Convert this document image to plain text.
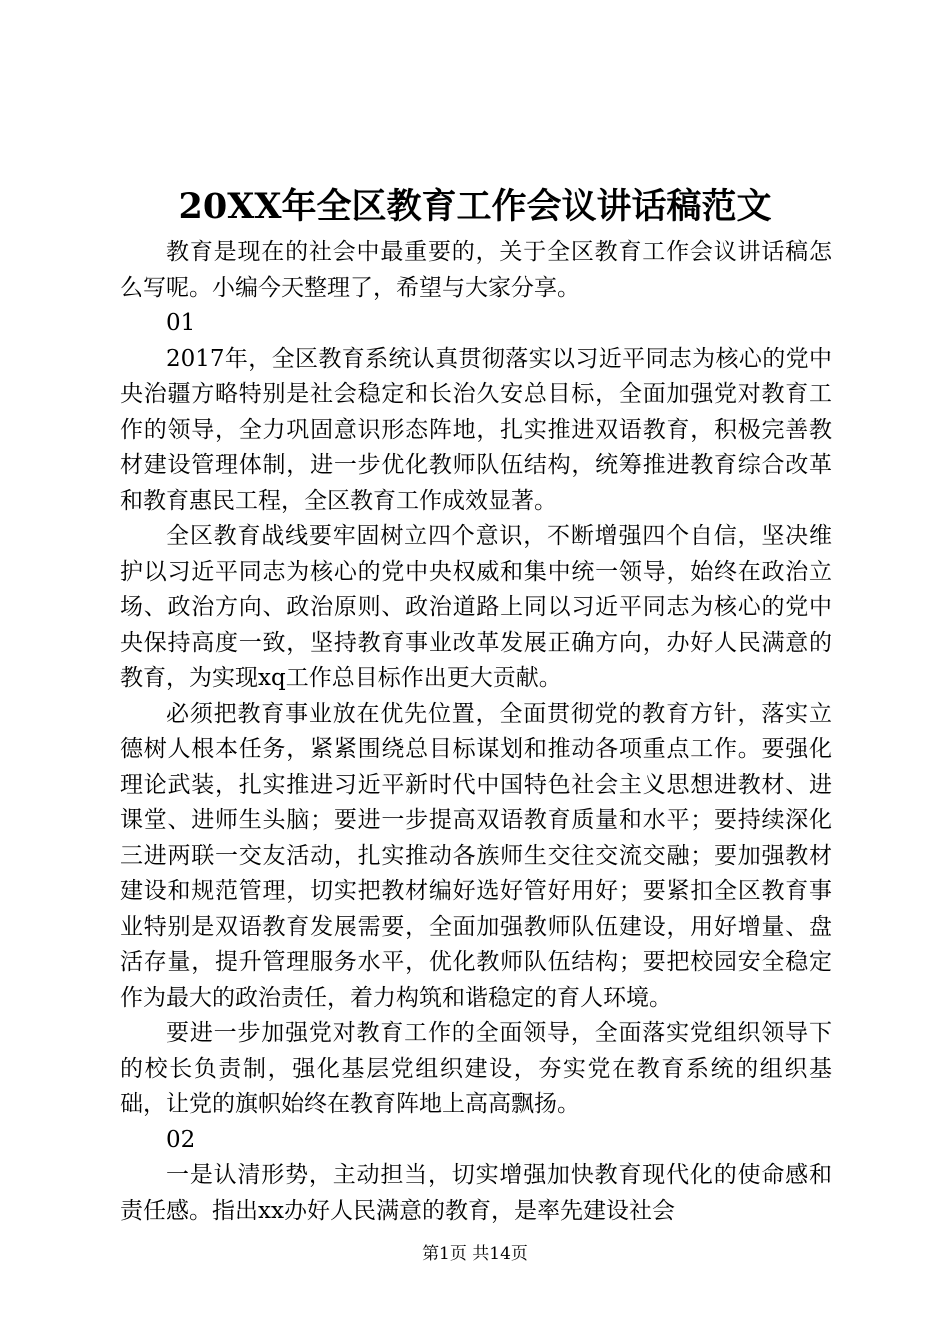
20XX年全区教育工作会议讲话稿范文

教育是现在的社会中最重要的，关于全区教育工作会议讲话稿怎么写呢。小编今天整理了，希望与大家分享。

01

2017年，全区教育系统认真贯彻落实以习近平同志为核心的党中央治疆方略特别是社会稳定和长治久安总目标，全面加强党对教育工作的领导，全力巩固意识形态阵地，扎实推进双语教育，积极完善教材建设管理体制，进一步优化教师队伍结构，统筹推进教育综合改革和教育惠民工程，全区教育工作成效显著。

全区教育战线要牢固树立四个意识，不断增强四个自信，坚决维护以习近平同志为核心的党中央权威和集中统一领导，始终在政治立场、政治方向、政治原则、政治道路上同以习近平同志为核心的党中央保持高度一致，坚持教育事业改革发展正确方向，办好人民满意的教育，为实现xq工作总目标作出更大贡献。

必须把教育事业放在优先位置，全面贯彻党的教育方针，落实立德树人根本任务，紧紧围绕总目标谋划和推动各项重点工作。要强化理论武装，扎实推进习近平新时代中国特色社会主义思想进教材、进课堂、进师生头脑；要进一步提高双语教育质量和水平；要持续深化三进两联一交友活动，扎实推动各族师生交往交流交融；要加强教材建设和规范管理，切实把教材编好选好管好用好；要紧扣全区教育事业特别是双语教育发展需要，全面加强教师队伍建设，用好增量、盘活存量，提升管理服务水平，优化教师队伍结构；要把校园安全稳定作为最大的政治责任，着力构筑和谐稳定的育人环境。

要进一步加强党对教育工作的全面领导，全面落实党组织领导下的校长负责制，强化基层党组织建设，夯实党在教育系统的组织基础，让党的旗帜始终在教育阵地上高高飘扬。

02

一是认清形势，主动担当，切实增强加快教育现代化的使命感和责任感。指出xx办好人民满意的教育，是率先建设社会

第1页 共14页
